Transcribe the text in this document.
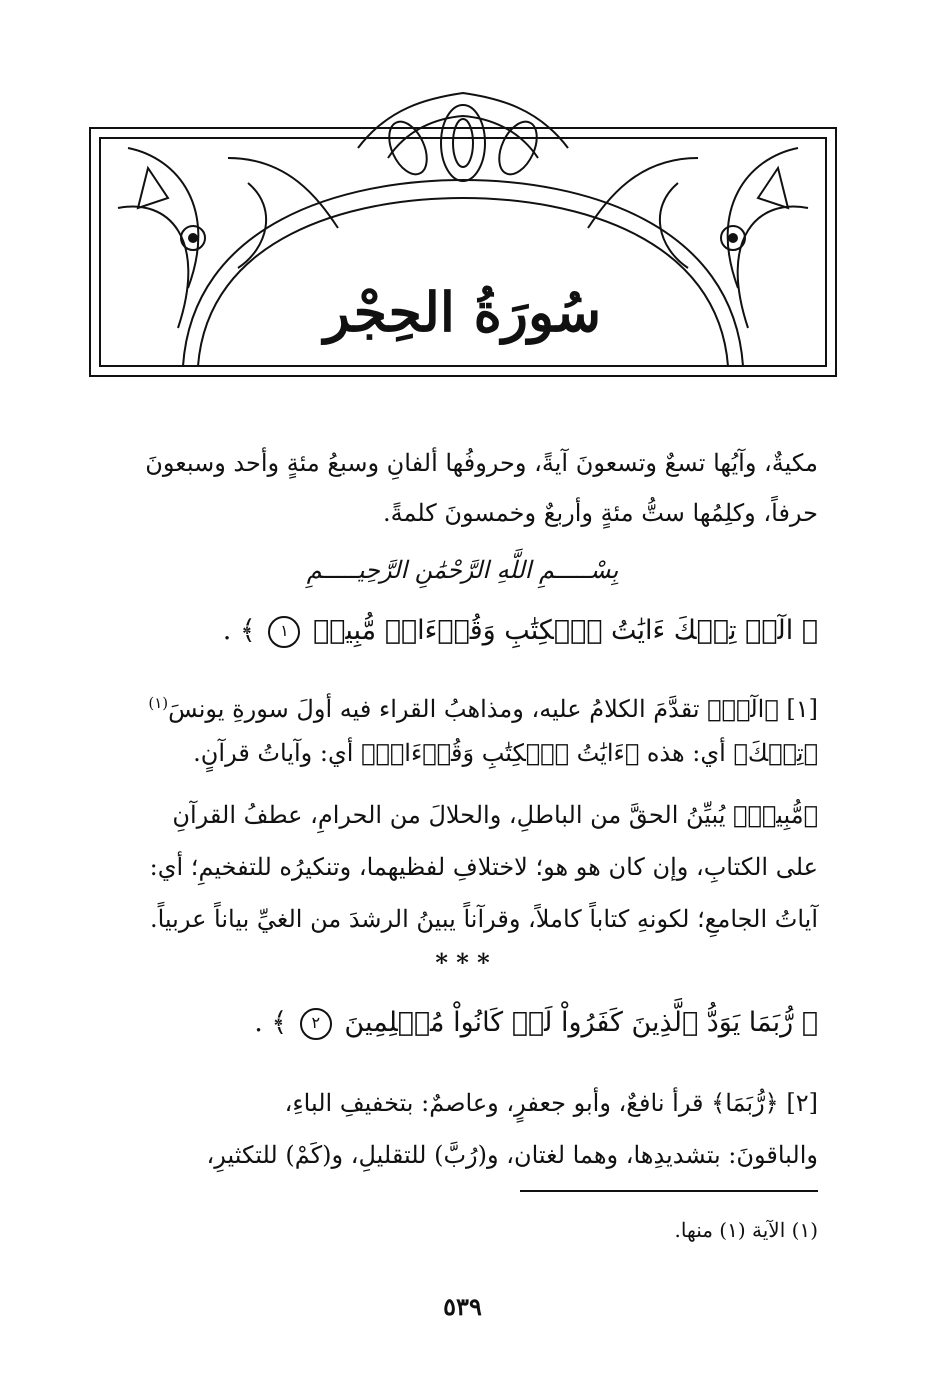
سُورَةُ الحِجْر
مكيةٌ، وآيُها تسعٌ وتسعونَ آيةً، وحروفُها ألفانِ وسبعُ مئةٍ وأحد وسبعونَ
حرفاً، وكلِمُها ستُّ مئةٍ وأربعٌ وخمسونَ كلمةً.
بِسْـــــمِ اللَّهِ الرَّحْمَٰنِ الرَّحِيـــــمِ
﴿ الٓرۚ تِلۡكَ ءَايَٰتُ ٱلۡكِتَٰبِ وَقُرۡءَانٖ مُّبِينٖ ١ ﴾ .
[١] ﴿الٓرۚ﴾ تقدَّمَ الكلامُ عليه، ومذاهبُ القراء فيه أولَ سورةِ يونسَ$^{(١)}$
﴿تِلۡكَ﴾ أي: هذه ﴿ءَايَٰتُ ٱلۡكِتَٰبِ وَقُرۡءَانٖ﴾ أي: وآياتُ قرآنٍ.
﴿مُّبِينٖ﴾ يُبيِّنُ الحقَّ من الباطلِ، والحلالَ من الحرامِ، عطفُ القرآنِ
على الكتابِ، وإن كان هو هو؛ لاختلافِ لفظيهما، وتنكيرُه للتفخيمِ؛ أي:
آياتُ الجامعِ؛ لكونهِ كتاباً كاملاً، وقرآناً يبينُ الرشدَ من الغيِّ بياناً عربياً.
* * *
﴿ رُّبَمَا يَوَدُّ ٱلَّذِينَ كَفَرُواْ لَوۡ كَانُواْ مُسۡلِمِينَ ٢ ﴾ .
[٢] ﴿رُّبَمَا﴾ قرأ نافعٌ، وأبو جعفرٍ، وعاصمٌ: بتخفيفِ الباءِ،
والباقونَ: بتشديدِها، وهما لغتان، و(رُبَّ) للتقليلِ، و(كَمْ) للتكثيرِ،
(١) الآية (١) منها.
٥٣٩
